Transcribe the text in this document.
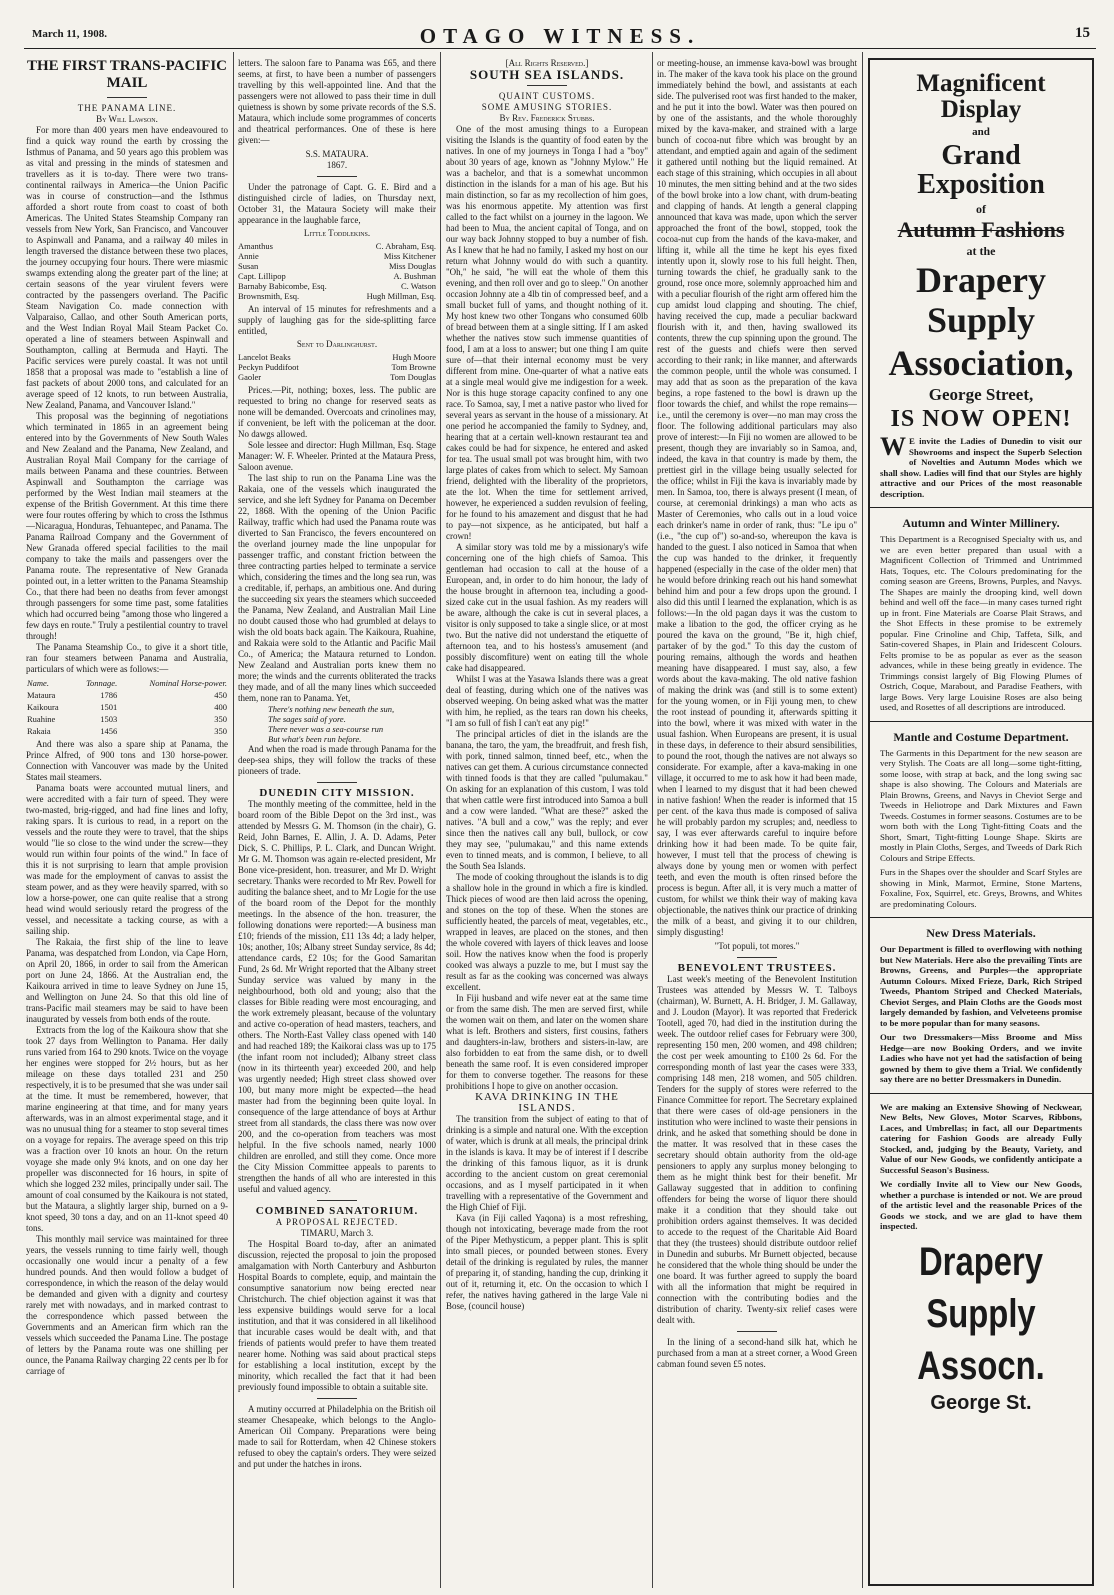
March 11, 1908.	OTAGO WITNESS.	15

THE FIRST TRANS-PACIFIC MAIL

THE PANAMA LINE.

By Will Lawson.

For more than 400 years men have endeavoured to find a quick way round the earth by crossing the Isthmus of Panama, and 50 years ago this problem was as vital and pressing in the minds of statesmen and travellers as it is to-day. There were two trans-continental railways in America—the Union Pacific was in course of construction—and the Isthmus afforded a short route from coast to coast of both Americas. The United States Steamship Company ran vessels from New York, San Francisco, and Vancouver to Aspinwall and Panama, and a railway 40 miles in length traversed the distance between these two places, the journey occupying four hours. There were miasmic swamps extending along the greater part of the line; at certain seasons of the year virulent fevers were contracted by the passengers overland. The Pacific Steam Navigation Co. made connection with Valparaiso, Callao, and other South American ports, and the West Indian Royal Mail Steam Packet Co. operated a line of steamers between Aspinwall and Southampton, calling at Bermuda and Hayti. The Pacific services were purely coastal. It was not until 1858 that a proposal was made to "establish a line of fast packets of about 2000 tons, and calculated for an average speed of 12 knots, to run between Australia, New Zealand, Panama, and Vancouver Island."

This proposal was the beginning of negotiations which terminated in 1865 in an agreement being entered into by the Governments of New South Wales and New Zealand and the Panama, New Zealand, and Australian Royal Mail Company for the carriage of mails between Panama and these countries. Between Aspinwall and Southampton the carriage was performed by the West Indian mail steamers at the expense of the British Government. At this time there were four routes offering by which to cross the Isthmus—Nicaragua, Honduras, Tehuantepec, and Panama. The Panama Railroad Company and the Government of New Granada offered special facilities to the mail company to take the mails and passengers over the Panama route. The representative of New Granada pointed out, in a letter written to the Panama Steamship Co., that there had been no deaths from fever amongst through passengers for some time past, some fatalities which had occurred being "among those who lingered a few days en route." Truly a pestilential country to travel through!

The Panama Steamship Co., to give it a short title, ran four steamers between Panama and Australia, particulars of which were as follows:—

Name.	Tonnage.	Nominal Horse-power.
Mataura	1786	450
Kaikoura	1501	400
Ruahine	1503	350
Rakaia	1456	350

And there was also a spare ship at Panama, the Prince Alfred, of 900 tons and 130 horse-power. Connection with Vancouver was made by the United States mail steamers.

Panama boats were accounted mutual liners, and were accredited with a fair turn of speed. They were two-masted, brig-rigged, and had fine lines and lofty, raking spars. It is curious to read, in a report on the vessels and the route they were to travel, that the ships would "lie so close to the wind under the screw—they would run within four points of the wind." In face of this it is not surprising to learn that ample provision was made for the employment of canvas to assist the steam power, and as they were heavily sparred, with so low a horse-power, one can quite realise that a strong head wind would seriously retard the progress of the vessel, and necessitate a tacking course, as with a sailing ship.

The Rakaia, the first ship of the line to leave Panama, was despatched from London, via Cape Horn, on April 20, 1866, in order to sail from the American port on June 24, 1866. At the Australian end, the Kaikoura arrived in time to leave Sydney on June 15, and Wellington on June 24. So that this old line of trans-Pacific mail steamers may be said to have been inaugurated by vessels from both ends of the route.

Extracts from the log of the Kaikoura show that she took 27 days from Wellington to Panama. Her daily runs varied from 164 to 290 knots. Twice on the voyage her engines were stopped for 2½ hours, but as her mileage on these days totalled 231 and 250 respectively, it is to be presumed that she was under sail at the time. It must be remembered, however, that marine engineering at that time, and for many years afterwards, was in an almost experimental stage, and it was no unusual thing for a steamer to stop several times on a voyage for repairs. The average speed on this trip was a fraction over 10 knots an hour. On the return voyage she made only 9¼ knots, and on one day her propeller was disconnected for 16 hours, in spite of which she logged 232 miles, principally under sail. The amount of coal consumed by the Kaikoura is not stated, but the Mataura, a slightly larger ship, burned on a 9-knot speed, 30 tons a day, and on an 11-knot speed 40 tons.

This monthly mail service was maintained for three years, the vessels running to time fairly well, though occasionally one would incur a penalty of a few hundred pounds. And then would follow a budget of correspondence, in which the reason of the delay would be demanded and given with a dignity and courtesy rarely met with nowadays, and in marked contrast to the correspondence which passed between the Governments and an American firm which ran the vessels which succeeded the Panama Line. The postage of letters by the Panama route was one shilling per ounce, the Panama Railway charging 22 cents per lb for carriage of

letters. The saloon fare to Panama was £65, and there seems, at first, to have been a number of passengers travelling by this well-appointed line. And that the passengers were not allowed to pass their time in dull quietness is shown by some private records of the S.S. Mataura, which include some programmes of concerts and theatrical performances. One of these is here given:—

S.S. MATAURA.

1867.

Under the patronage of Capt. G. E. Bird and a distinguished circle of ladies, on Thursday next, October 31, the Mataura Society will make their appearance in the laughable farce,

Little Toddlekins.

Amanthus	C. Abraham, Esq.
Annie	Miss Kitchener
Susan	Miss Douglas
Capt. Lillipop	A. Bushman
Barnaby Babicombe, Esq.	C. Watson
Brownsmith, Esq.	Hugh Millman, Esq.

An interval of 15 minutes for refreshments and a supply of laughing gas for the side-splitting farce entitled,

Sent to Darlinghurst.

Lancelot Beaks	Hugh Moore
Peckyn Puddifoot	Tom Browne
Gaoler	Tom Douglas

Prices.—Pit, nothing; boxes, less. The public are requested to bring no change for reserved seats as none will be demanded. Overcoats and crinolines may, if convenient, be left with the policeman at the door. No dawgs allowed.

Sole lessee and director: Hugh Millman, Esq. Stage Manager: W. F. Wheeler. Printed at the Mataura Press, Saloon avenue.

The last ship to run on the Panama Line was the Rakaia, one of the vessels which inaugurated the service, and she left Sydney for Panama on December 22, 1868. With the opening of the Union Pacific Railway, traffic which had used the Panama route was diverted to San Francisco, the fevers encountered on the overland journey made the line unpopular for passenger traffic, and constant friction between the three contracting parties helped to terminate a service which, considering the times and the long sea run, was a creditable, if, perhaps, an ambitious one. And during the succeeding six years the steamers which succeeded the Panama, New Zealand, and Australian Mail Line no doubt caused those who had grumbled at delays to wish the old boats back again. The Kaikoura, Ruahine, and Rakaia were sold to the Atlantic and Pacific Mail Co., of America; the Mataura returned to London. New Zealand and Australian ports knew them no more; the winds and the currents obliterated the tracks they made, and of all the many lines which succeeded them, none ran to Panama. Yet,

There's nothing new beneath the sun,
The sages said of yore.
There never was a sea-course run
But what's been run before.

And when the road is made through Panama for the deep-sea ships, they will follow the tracks of these pioneers of trade.

DUNEDIN CITY MISSION.

The monthly meeting of the committee, held in the board room of the Bible Depot on the 3rd inst., was attended by Messrs G. M. Thomson (in the chair), G. Reid, John Barnes, E. Allin, J. A. D. Adams, Peter Dick, S. C. Phillips, P. L. Clark, and Duncan Wright. Mr G. M. Thomson was again re-elected president, Mr Bone vice-president, hon. treasurer, and Mr D. Wright secretary. Thanks were recorded to Mr Rev. Powell for auditing the balance sheet, and to Mr Logie for the use of the board room of the Depot for the monthly meetings. In the absence of the hon. treasurer, the following donations were reported:—A business man £10; friends of the mission, £11 13s 4d; a lady helper, 10s; another, 10s; Albany street Sunday service, 8s 4d; attendance cards, £2 10s; for the Good Samaritan Fund, 2s 6d. Mr Wright reported that the Albany street Sunday service was valued by many in the neighbourhood, both old and young; also that the classes for Bible reading were most encouraging, and the work extremely pleasant, because of the voluntary and active co-operation of head masters, teachers, and others. The North-East Valley class opened with 140 and had reached 189; the Kaikorai class was up to 175 (the infant room not included); Albany street class (now in its thirteenth year) exceeded 200, and help was urgently needed; High street class showed over 100, but many more might be expected—the head master had from the beginning been quite loyal. In consequence of the large attendance of boys at Arthur street from all standards, the class there was now over 200, and the co-operation from teachers was most helpful. In the five schools named, nearly 1000 children are enrolled, and still they come. Once more the City Mission Committee appeals to parents to strengthen the hands of all who are interested in this useful and valued agency.

COMBINED SANATORIUM.

A PROPOSAL REJECTED.

TIMARU, March 3.

The Hospital Board to-day, after an animated discussion, rejected the proposal to join the proposed amalgamation with North Canterbury and Ashburton Hospital Boards to complete, equip, and maintain the consumptive sanatorium now being erected near Christchurch. The chief objection against it was that less expensive buildings would serve for a local institution, and that it was considered in all likelihood that incurable cases would be dealt with, and that friends of patients would prefer to have them treated nearer home. Nothing was said about practical steps for establishing a local institution, except by the minority, which recalled the fact that it had been previously found impossible to obtain a suitable site.

A mutiny occurred at Philadelphia on the British oil steamer Chesapeake, which belongs to the Anglo-American Oil Company. Preparations were being made to sail for Rotterdam, when 42 Chinese stokers refused to obey the captain's orders. They were seized and put under the hatches in irons.

[All Rights Reserved.]

SOUTH SEA ISLANDS.

QUAINT CUSTOMS.

SOME AMUSING STORIES.

By Rev. Frederick Stubbs.

One of the most amusing things to a European visiting the Islands is the quantity of food eaten by the natives. In one of my journeys in Tonga I had a "boy" about 30 years of age, known as "Johnny Mylow." He was a bachelor, and that is a somewhat uncommon distinction in the islands for a man of his age. But his main distinction, so far as my recollection of him goes, was his enormous appetite. My attention was first called to the fact whilst on a journey in the lagoon. We had been to Mua, the ancient capital of Tonga, and on our way back Johnny stopped to buy a number of fish. As I knew that he had no family, I asked my host on our return what Johnny would do with such a quantity. "Oh," he said, "he will eat the whole of them this evening, and then roll over and go to sleep." On another occasion Johnny ate a 4lb tin of compressed beef, and a small bucket full of yams, and thought nothing of it. My host knew two other Tongans who consumed 60lb of bread between them at a single sitting. If I am asked whether the natives stow such immense quantities of food, I am at a loss to answer; but one thing I am quite sure of—that their internal economy must be very different from mine. One-quarter of what a native eats at a single meal would give me indigestion for a week. Nor is this huge storage capacity confined to any one race. To Samoa, say, I met a native pastor who lived for several years as servant in the house of a missionary. At one period he accompanied the family to Sydney, and, hearing that at a certain well-known restaurant tea and cakes could be had for sixpence, he entered and asked for tea. The usual small pot was brought him, with two large plates of cakes from which to select. My Samoan friend, delighted with the liberality of the proprietors, ate the lot. When the time for settlement arrived, however, he experienced a sudden revulsion of feeling, for he found to his amazement and disgust that he had to pay—not sixpence, as he anticipated, but half a crown!

A similar story was told me by a missionary's wife concerning one of the high chiefs of Samoa. This gentleman had occasion to call at the house of a European, and, in order to do him honour, the lady of the house brought in afternoon tea, including a good-sized cake cut in the usual fashion. As my readers will be aware, although the cake is cut in several places, a visitor is only supposed to take a single slice, or at most two. But the native did not understand the etiquette of afternoon tea, and to his hostess's amusement (and possibly discomfiture) went on eating till the whole cake had disappeared.

Whilst I was at the Yasawa Islands there was a great deal of feasting, during which one of the natives was observed weeping. On being asked what was the matter with him, he replied, as the tears ran down his cheeks, "I am so full of fish I can't eat any pig!"

The principal articles of diet in the islands are the banana, the taro, the yam, the breadfruit, and fresh fish, with pork, tinned salmon, tinned beef, etc., when the natives can get them. A curious circumstance connected with tinned foods is that they are called "pulumakau." On asking for an explanation of this custom, I was told that when cattle were first introduced into Samoa a bull and a cow were landed. "What are these?" asked the natives. "A bull and a cow," was the reply; and ever since then the natives call any bull, bullock, or cow they may see, "pulumakau," and this name extends even to tinned meats, and is common, I believe, to all the South Sea Islands.

The mode of cooking throughout the islands is to dig a shallow hole in the ground in which a fire is kindled. Thick pieces of wood are then laid across the opening, and stones on the top of these. When the stones are sufficiently heated, the parcels of meat, vegetables, etc., wrapped in leaves, are placed on the stones, and then the whole covered with layers of thick leaves and loose soil. How the natives know when the food is properly cooked was always a puzzle to me, but I must say the result as far as the cooking was concerned was always excellent.

In Fiji husband and wife never eat at the same time or from the same dish. The men are served first, while the women wait on them, and later on the women share what is left. Brothers and sisters, first cousins, fathers and daughters-in-law, brothers and sisters-in-law, are also forbidden to eat from the same dish, or to dwell beneath the same roof. It is even considered improper for them to converse together. The reasons for these prohibitions I hope to give on another occasion.

KAVA DRINKING IN THE ISLANDS.

The transition from the subject of eating to that of drinking is a simple and natural one. With the exception of water, which is drunk at all meals, the principal drink in the islands is kava. It may be of interest if I describe the drinking of this famous liquor, as it is drunk according to the ancient custom on great ceremonial occasions, and as I myself participated in it when travelling with a representative of the Government and the High Chief of Fiji.

Kava (in Fiji called Yaqona) is a most refreshing, though not intoxicating, beverage made from the root of the Piper Methysticum, a pepper plant. This is split into small pieces, or pounded between stones. Every detail of the drinking is regulated by rules, the manner of preparing it, of standing, handing the cup, drinking it out of it, returning it, etc. On the occasion to which I refer, the natives having gathered in the large Vale ni Bose, (council house)

or meeting-house, an immense kava-bowl was brought in. The maker of the kava took his place on the ground immediately behind the bowl, and assistants at each side. The pulverised root was first handed to the maker, and he put it into the bowl. Water was then poured on by one of the assistants, and the whole thoroughly mixed by the kava-maker, and strained with a large bunch of cocoa-nut fibre which was brought by an attendant, and emptied again and again of the sediment it gathered until nothing but the liquid remained. At each stage of this straining, which occupies in all about 10 minutes, the men sitting behind and at the two sides of the bowl broke into a low chant, with drum-beating and clapping of hands. At length a general clapping announced that kava was made, upon which the server approached the front of the bowl, stopped, took the cocoa-nut cup from the hands of the kava-maker, and lifting it, while all the time he kept his eyes fixed intently upon it, slowly rose to his full height. Then, turning towards the chief, he gradually sank to the ground, rose once more, solemnly approached him and with a peculiar flourish of the right arm offered him the cup amidst loud clapping and shouting. The chief, having received the cup, made a peculiar backward flourish with it, and then, having swallowed its contents, threw the cup spinning upon the ground. The rest of the guests and chiefs were then served according to their rank; in like manner, and afterwards the common people, until the whole was consumed. I may add that as soon as the preparation of the kava begins, a rope fastened to the bowl is drawn up the floor towards the chief, and whilst the rope remains—i.e., until the ceremony is over—no man may cross the floor. The following additional particulars may also prove of interest:—In Fiji no women are allowed to be present, though they are invariably so in Samoa, and, indeed, the kava in that country is made by them, the prettiest girl in the village being usually selected for the office; whilst in Fiji the kava is invariably made by men. In Samoa, too, there is always present (I mean, of course, at ceremonial drinkings) a man who acts as Master of Ceremonies, who calls out in a loud voice each drinker's name in order of rank, thus: "Le ipu o" (i.e., "the cup of") so-and-so, whereupon the kava is handed to the guest. I also noticed in Samoa that when the cup was handed to the drinker, it frequently happened (especially in the case of the older men) that he would before drinking reach out his hand somewhat behind him and pour a few drops upon the ground. I also did this until I learned the explanation, which is as follows:—In the old pagan days it was the custom to make a libation to the god, the officer crying as he poured the kava on the ground, "Be it, high chief, partaker of by the god." To this day the custom of pouring remains, although the words and heathen meaning have disappeared. I must say, also, a few words about the kava-making. The old native fashion of making the drink was (and still is to some extent) for the young women, or in Fiji young men, to chew the root instead of pounding it, afterwards spitting it into the bowl, where it was mixed with water in the usual fashion. When Europeans are present, it is usual in these days, in deference to their absurd sensibilities, to pound the root, though the natives are not always so considerate. For example, after a kava-making in one village, it occurred to me to ask how it had been made, when I learned to my disgust that it had been chewed in native fashion! When the reader is informed that 15 per cent. of the kava thus made is composed of saliva he will probably pardon my scruples; and, needless to say, I was ever afterwards careful to inquire before drinking how it had been made. To be quite fair, however, I must tell that the process of chewing is always done by young men or women with perfect teeth, and even the mouth is often rinsed before the process is begun. After all, it is very much a matter of custom, for whilst we think their way of making kava objectionable, the natives think our practice of drinking the milk of a beast, and giving it to our children, simply disgusting!

"Tot populi, tot mores."

BENEVOLENT TRUSTEES.

Last week's meeting of the Benevolent Institution Trustees was attended by Messrs W. T. Talboys (chairman), W. Burnett, A. H. Bridger, J. M. Gallaway, and J. Loudon (Mayor). It was reported that Frederick Tootell, aged 70, had died in the institution during the week. The outdoor relief cases for February were 300, representing 150 men, 200 women, and 498 children; the cost per week amounting to £100 2s 6d. For the corresponding month of last year the cases were 333, comprising 148 men, 218 women, and 505 children. Tenders for the supply of stores were referred to the Finance Committee for report. The Secretary explained that there were cases of old-age pensioners in the institution who were inclined to waste their pensions in drink, and he asked that something should be done in the matter. It was resolved that in these cases the secretary should obtain authority from the old-age pensioners to apply any surplus money belonging to them as he might think best for their benefit. Mr Gallaway suggested that in addition to confining offenders for being the worse of liquor there should make it a condition that they should take out prohibition orders against themselves. It was decided to accede to the request of the Charitable Aid Board that they (the trustees) should distribute outdoor relief in Dunedin and suburbs. Mr Burnett objected, because he considered that the whole thing should be under the one board. It was further agreed to supply the board with all the information that might be required in connection with the contributing bodies and the distribution of charity. Twenty-six relief cases were dealt with.

In the lining of a second-hand silk hat, which he purchased from a man at a street corner, a Wood Green cabman found seven £5 notes.

Magnificent Display
and
Grand Exposition
of
Autumn Fashions
at the
Drapery Supply
Association,
George Street,
IS NOW OPEN!
W E invite the Ladies of Dunedin to visit our Showrooms and inspect the Superb Selection of Novelties and Autumn Modes which we shall show. Ladies will find that our Styles are highly attractive and our Prices of the most reasonable description.
Autumn and Winter Millinery.
This Department is a Recognised Specialty with us, and we are even better prepared than usual with a Magnificent Collection of Trimmed and Untrimmed Hats, Toques, etc. The Colours predominating for the coming season are Greens, Browns, Purples, and Navys. The Shapes are mainly the drooping kind, well down behind and well off the face—in many cases turned right up in front. Fine Materials are Coarse Plait Straws, and the Shot Effects in these promise to be extremely popular. Fine Crinoline and Chip, Taffeta, Silk, and Satin-covered Shapes, in Plain and Iridescent Colours. Felts promise to be as popular as ever as the season advances, while in these being greatly in evidence. The Trimmings consist largely of Big Flowing Plumes of Ostrich, Coque, Marabout, and Paradise Feathers, with large Bows. Very large Louisine Roses are also being used, and Rosettes of all descriptions are introduced.
Mantle and Costume Department.
The Garments in this Department for the new season are very Stylish. The Coats are all long—some tight-fitting, some loose, with strap at back, and the long swing sac shape is also showing. The Colours and Materials are Plain Browns, Greens, and Navys in Cheviot Serge and Tweeds in Heliotrope and Dark Mixtures and Fawn Tweeds. Costumes in former seasons. Costumes are to be worn both with the Long Tight-fitting Coats and the Short, Smart, Tight-fitting Lounge Shape. Skirts are mostly in Plain Cloths, Serges, and Tweeds of Dark Rich Colours and Stripe Effects.
Furs in the Shapes over the shoulder and Scarf Styles are showing in Mink, Marmot, Ermine, Stone Martens, Foxaline, Fox, Squirrel, etc. Greys, Browns, and Whites are predominating Colours.
New Dress Materials.
Our Department is filled to overflowing with nothing but New Materials. Here also the prevailing Tints are Browns, Greens, and Purples—the appropriate Autumn Colours. Mixed Frieze, Dark, Rich Striped Tweeds, Phantom Striped and Checked Materials, Cheviot Serges, and Plain Cloths are the Goods most largely demanded by fashion, and Velveteens promise to be more popular than for many seasons.
Our two Dressmakers—Miss Broome and Miss Hedge—are now Booking Orders, and we invite Ladies who have not yet had the satisfaction of being gowned by them to give them a Trial. We confidently say there are no better Dressmakers in Dunedin.
We are making an Extensive Showing of Neckwear, New Belts, New Gloves, Motor Scarves, Ribbons, Laces, and Umbrellas; in fact, all our Departments catering for Fashion Goods are already Fully Stocked, and, judging by the Beauty, Variety, and Value of our New Goods, we confidently anticipate a Successful Season's Business.
We cordially Invite all to View our New Goods, whether a purchase is intended or not. We are proud of the artistic level and the reasonable Prices of the Goods we stock, and we are glad to have them inspected.
Drapery
Supply
Assocn.
George St.
